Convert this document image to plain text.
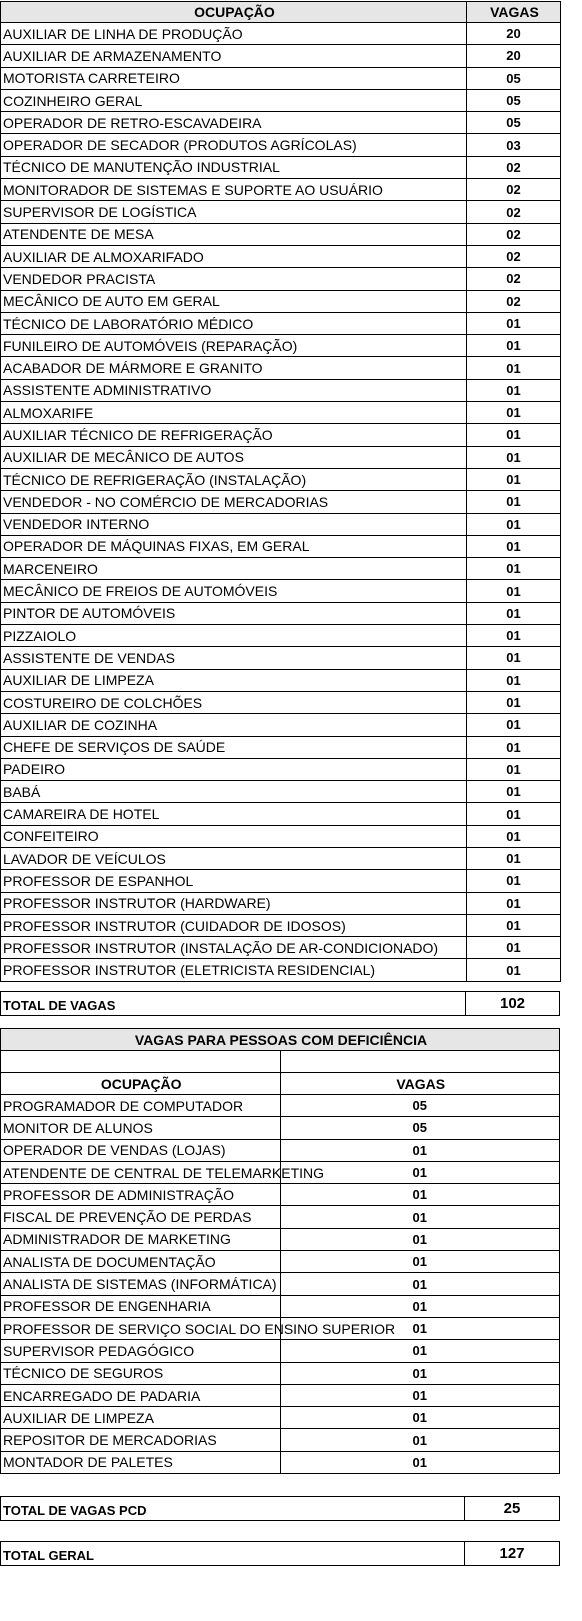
OCUPAÇÃO	VAGAS
AUXILIAR DE LINHA DE PRODUÇÃO	20
AUXILIAR DE ARMAZENAMENTO	20
MOTORISTA CARRETEIRO	05
COZINHEIRO GERAL	05
OPERADOR DE RETRO-ESCAVADEIRA	05
OPERADOR DE SECADOR (PRODUTOS AGRÍCOLAS)	03
TÉCNICO DE MANUTENÇÃO INDUSTRIAL	02
MONITORADOR DE SISTEMAS E SUPORTE AO USUÁRIO	02
SUPERVISOR DE LOGÍSTICA	02
ATENDENTE DE MESA	02
AUXILIAR DE ALMOXARIFADO	02
VENDEDOR PRACISTA	02
MECÂNICO DE AUTO EM GERAL	02
TÉCNICO DE LABORATÓRIO MÉDICO	01
FUNILEIRO DE AUTOMÓVEIS (REPARAÇÃO)	01
ACABADOR DE MÁRMORE E GRANITO	01
ASSISTENTE ADMINISTRATIVO	01
ALMOXARIFE	01
AUXILIAR TÉCNICO DE REFRIGERAÇÃO	01
AUXILIAR DE MECÂNICO DE AUTOS	01
TÉCNICO DE REFRIGERAÇÃO (INSTALAÇÃO)	01
VENDEDOR - NO COMÉRCIO DE MERCADORIAS	01
VENDEDOR INTERNO	01
OPERADOR DE MÁQUINAS FIXAS, EM GERAL	01
MARCENEIRO	01
MECÂNICO DE FREIOS DE AUTOMÓVEIS	01
PINTOR DE AUTOMÓVEIS	01
PIZZAIOLO	01
ASSISTENTE DE VENDAS	01
AUXILIAR DE LIMPEZA	01
COSTUREIRO DE COLCHÕES	01
AUXILIAR DE COZINHA	01
CHEFE DE SERVIÇOS DE SAÚDE	01
PADEIRO	01
BABÁ	01
CAMAREIRA DE HOTEL	01
CONFEITEIRO	01
LAVADOR DE VEÍCULOS	01
PROFESSOR DE ESPANHOL	01
PROFESSOR INSTRUTOR (HARDWARE)	01
PROFESSOR INSTRUTOR (CUIDADOR DE IDOSOS)	01
PROFESSOR INSTRUTOR (INSTALAÇÃO DE AR-CONDICIONADO)	01
PROFESSOR INSTRUTOR (ELETRICISTA RESIDENCIAL)	01
TOTAL DE VAGAS	102
VAGAS PARA PESSOAS COM DEFICIÊNCIA	

OCUPAÇÃO	VAGAS
PROGRAMADOR DE COMPUTADOR	05
MONITOR DE ALUNOS	05
OPERADOR DE VENDAS (LOJAS)	01
ATENDENTE DE CENTRAL DE TELEMARKETING	01
PROFESSOR DE ADMINISTRAÇÃO	01
FISCAL DE PREVENÇÃO DE PERDAS	01
ADMINISTRADOR DE MARKETING	01
ANALISTA DE DOCUMENTAÇÃO	01
ANALISTA DE SISTEMAS (INFORMÁTICA)	01
PROFESSOR DE ENGENHARIA	01
PROFESSOR DE SERVIÇO SOCIAL DO ENSINO SUPERIOR	01
SUPERVISOR PEDAGÓGICO	01
TÉCNICO DE SEGUROS	01
ENCARREGADO DE PADARIA	01
AUXILIAR DE LIMPEZA	01
REPOSITOR DE MERCADORIAS	01
MONTADOR DE PALETES	01
TOTAL DE VAGAS PCD	25
TOTAL GERAL	127
